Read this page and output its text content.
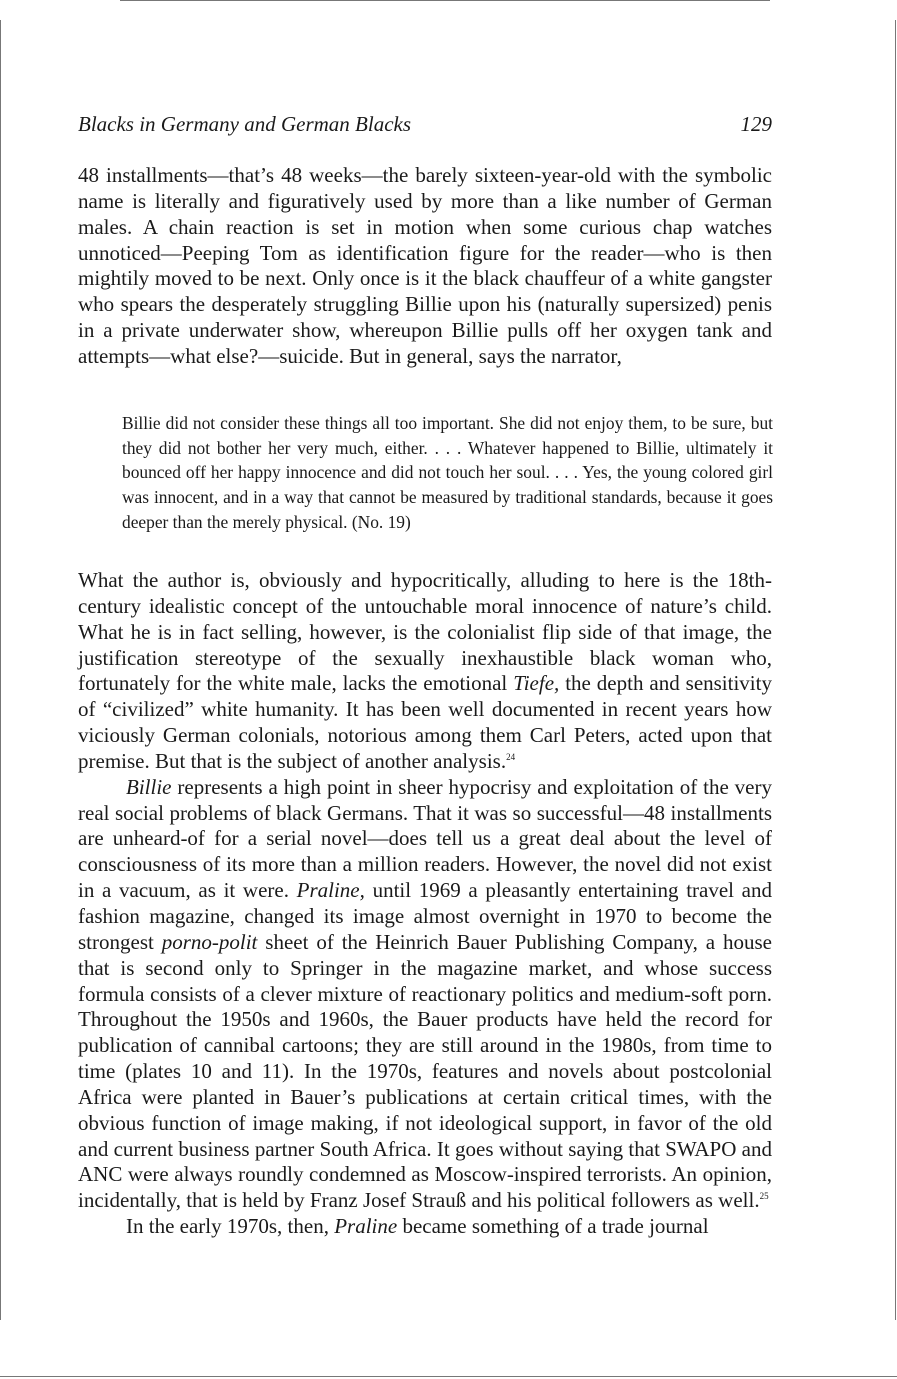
Blacks in Germany and German Blacks	129

48 installments—that’s 48 weeks—the barely sixteen-year-old with the symbolic name is literally and figuratively used by more than a like number of German males. A chain reaction is set in motion when some curious chap watches unnoticed—Peeping Tom as identification figure for the reader—who is then mightily moved to be next. Only once is it the black chauffeur of a white gangster who spears the desperately struggling Billie upon his (naturally supersized) penis in a private underwater show, whereupon Billie pulls off her oxygen tank and attempts—what else?—suicide. But in general, says the narrator,

Billie did not consider these things all too important. She did not enjoy them, to be sure, but they did not bother her very much, either. . . . Whatever happened to Billie, ultimately it bounced off her happy innocence and did not touch her soul. . . . Yes, the young colored girl was innocent, and in a way that cannot be measured by traditional standards, because it goes deeper than the merely physical. (No. 19)

What the author is, obviously and hypocritically, alluding to here is the 18th-century idealistic concept of the untouchable moral innocence of nature’s child. What he is in fact selling, however, is the colonialist flip side of that image, the justification stereotype of the sexually inexhaustible black woman who, fortunately for the white male, lacks the emotional Tiefe, the depth and sensitivity of “civilized” white humanity. It has been well documented in recent years how viciously German colonials, notorious among them Carl Peters, acted upon that premise. But that is the subject of another analysis.$^{24}$

Billie represents a high point in sheer hypocrisy and exploitation of the very real social problems of black Germans. That it was so successful—48 installments are unheard-of for a serial novel—does tell us a great deal about the level of consciousness of its more than a million readers. However, the novel did not exist in a vacuum, as it were. Praline, until 1969 a pleasantly entertaining travel and fashion magazine, changed its image almost overnight in 1970 to become the strongest porno-polit sheet of the Heinrich Bauer Publishing Company, a house that is second only to Springer in the magazine market, and whose success formula consists of a clever mixture of reactionary politics and medium-soft porn. Throughout the 1950s and 1960s, the Bauer products have held the record for publication of cannibal cartoons; they are still around in the 1980s, from time to time (plates 10 and 11). In the 1970s, features and novels about postcolonial Africa were planted in Bauer’s publications at certain critical times, with the obvious function of image making, if not ideological support, in favor of the old and current business partner South Africa. It goes without saying that SWAPO and ANC were always roundly condemned as Moscow-inspired terrorists. An opinion, incidentally, that is held by Franz Josef Strauß and his political followers as well.$^{25}$

In the early 1970s, then, Praline became something of a trade journal
